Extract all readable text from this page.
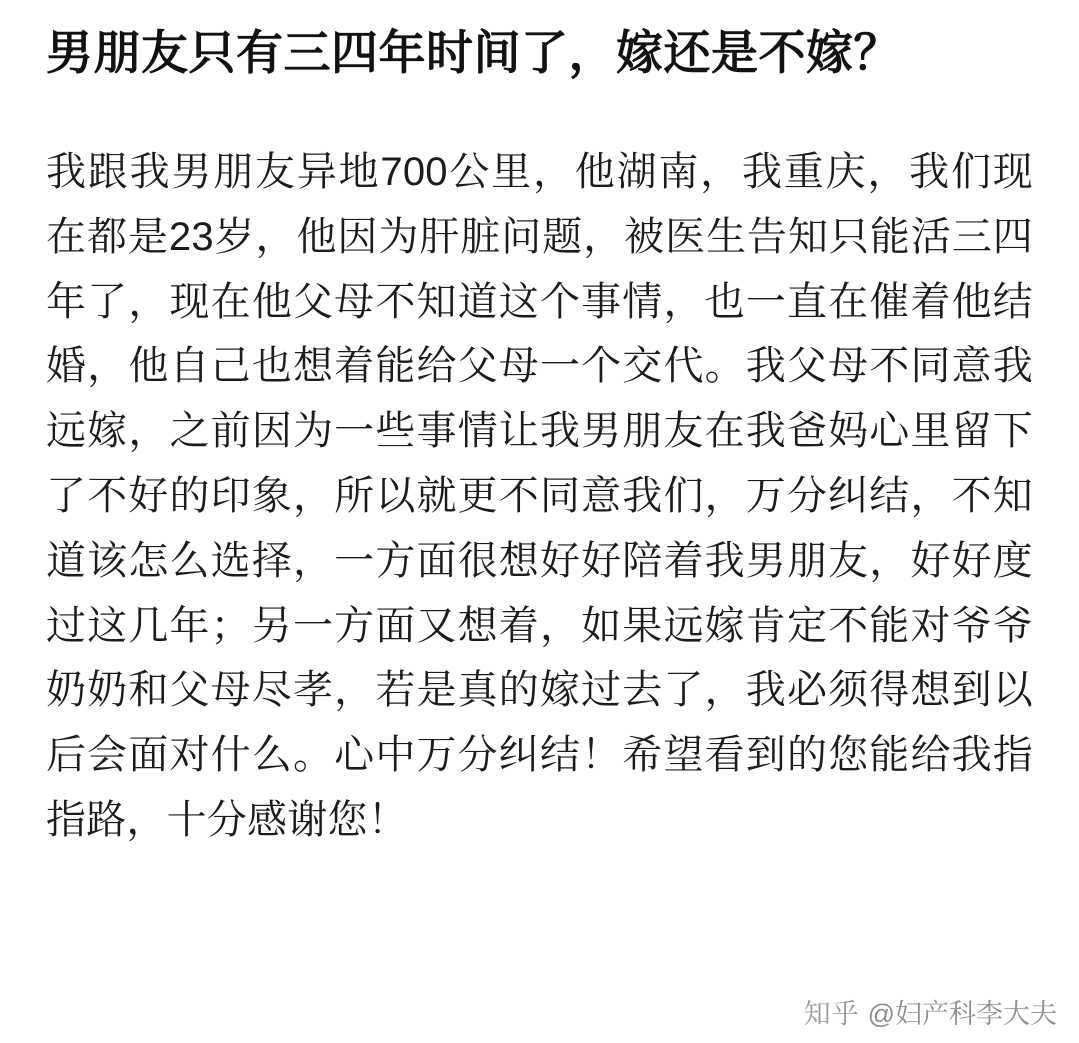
男朋友只有三四年时间了，嫁还是不嫁？
我跟我男朋友异地700公里，他湖南，我重庆，我们现在都是23岁，他因为肝脏问题，被医生告知只能活三四年了，现在他父母不知道这个事情，也一直在催着他结婚，他自己也想着能给父母一个交代。我父母不同意我远嫁，之前因为一些事情让我男朋友在我爸妈心里留下了不好的印象，所以就更不同意我们，万分纠结，不知道该怎么选择，一方面很想好好陪着我男朋友，好好度过这几年；另一方面又想着，如果远嫁肯定不能对爷爷奶奶和父母尽孝，若是真的嫁过去了，我必须得想到以后会面对什么。心中万分纠结！希望看到的您能给我指指路，十分感谢您！
知乎 @妇产科李大夫
